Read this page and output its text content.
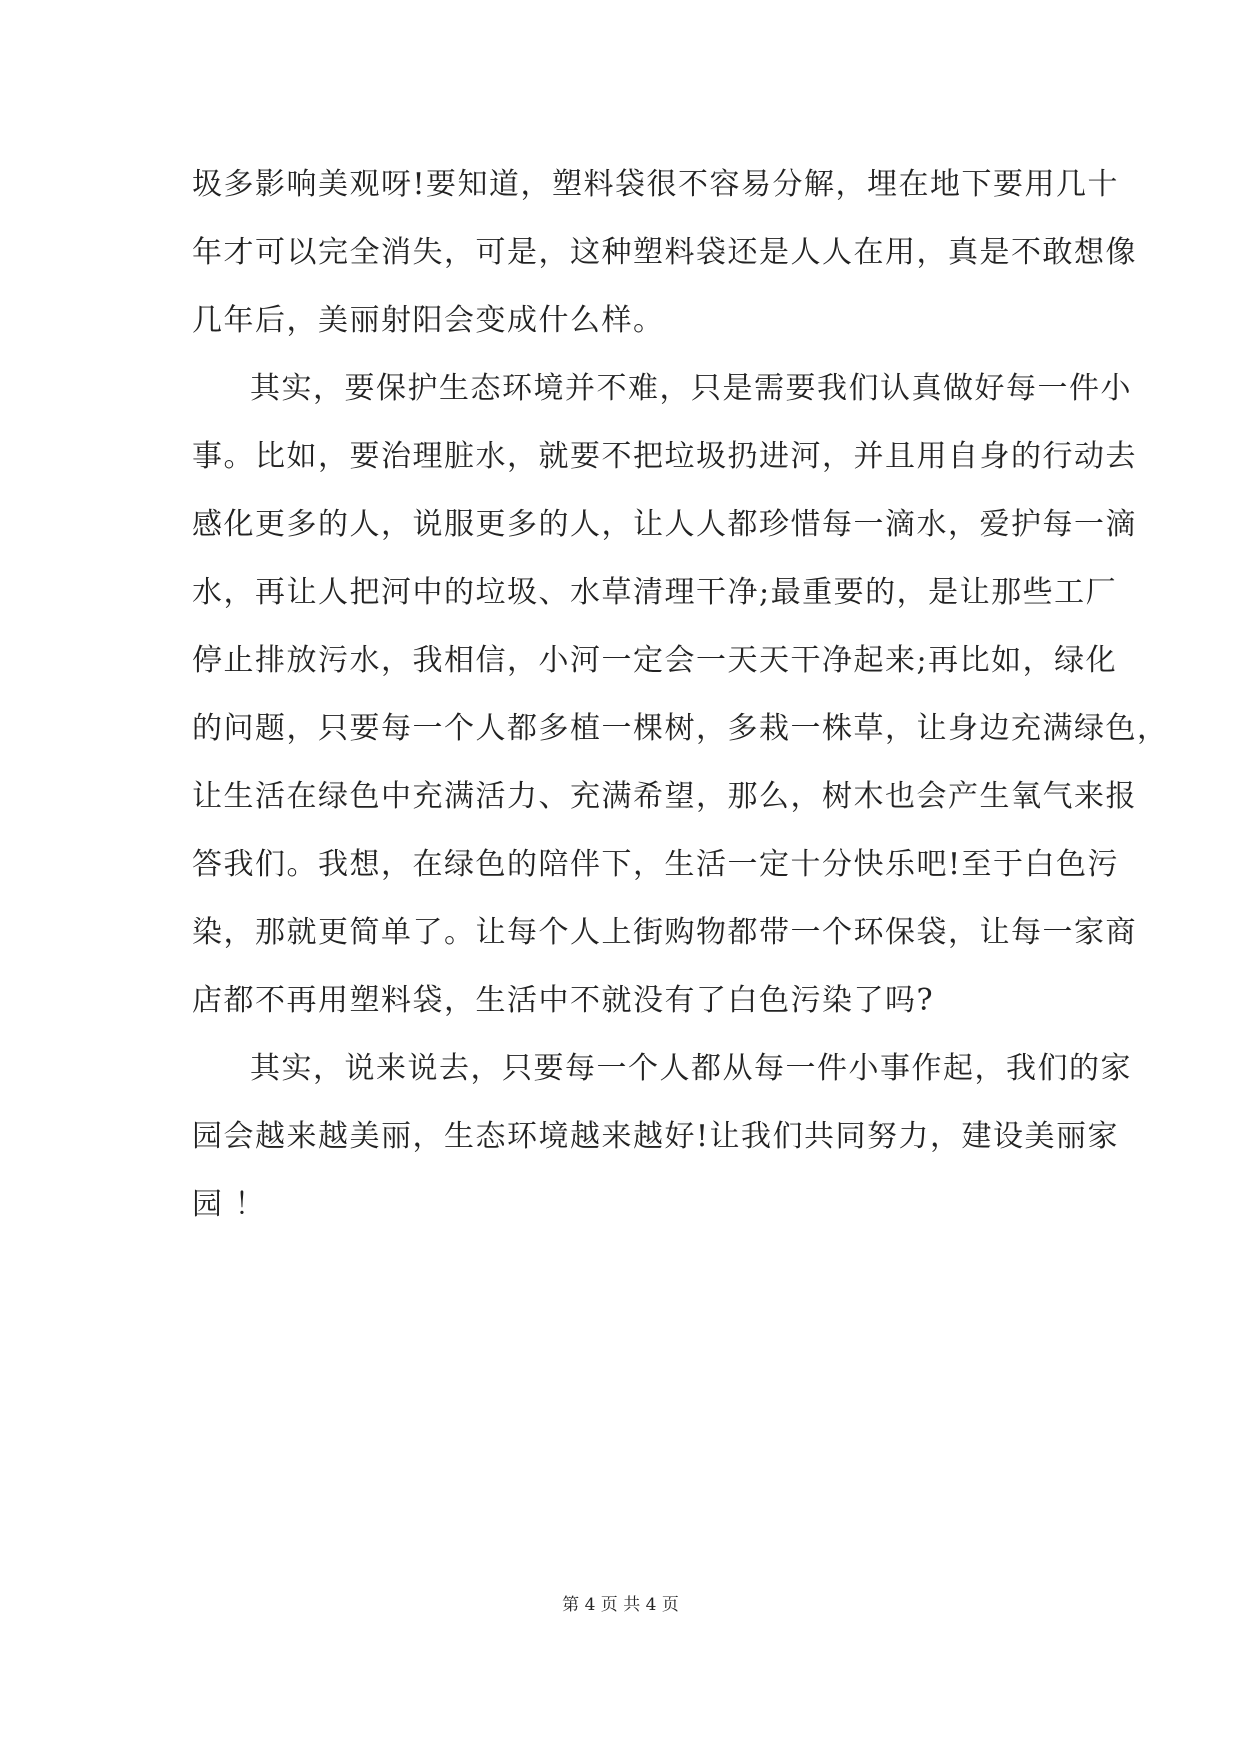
圾多影响美观呀!要知道，塑料袋很不容易分解，埋在地下要用几十
年才可以完全消失，可是，这种塑料袋还是人人在用，真是不敢想像
几年后，美丽射阳会变成什么样。
其实，要保护生态环境并不难，只是需要我们认真做好每一件小
事。比如，要治理脏水，就要不把垃圾扔进河，并且用自身的行动去
感化更多的人，说服更多的人，让人人都珍惜每一滴水，爱护每一滴
水，再让人把河中的垃圾、水草清理干净;最重要的，是让那些工厂
停止排放污水，我相信，小河一定会一天天干净起来;再比如，绿化
的问题，只要每一个人都多植一棵树，多栽一株草，让身边充满绿色，
让生活在绿色中充满活力、充满希望，那么，树木也会产生氧气来报
答我们。我想，在绿色的陪伴下，生活一定十分快乐吧!至于白色污
染，那就更简单了。让每个人上街购物都带一个环保袋，让每一家商
店都不再用塑料袋，生活中不就没有了白色污染了吗?
其实，说来说去，只要每一个人都从每一件小事作起，我们的家
园会越来越美丽，生态环境越来越好!让我们共同努力，建设美丽家
园 ！
第 4 页 共 4 页
